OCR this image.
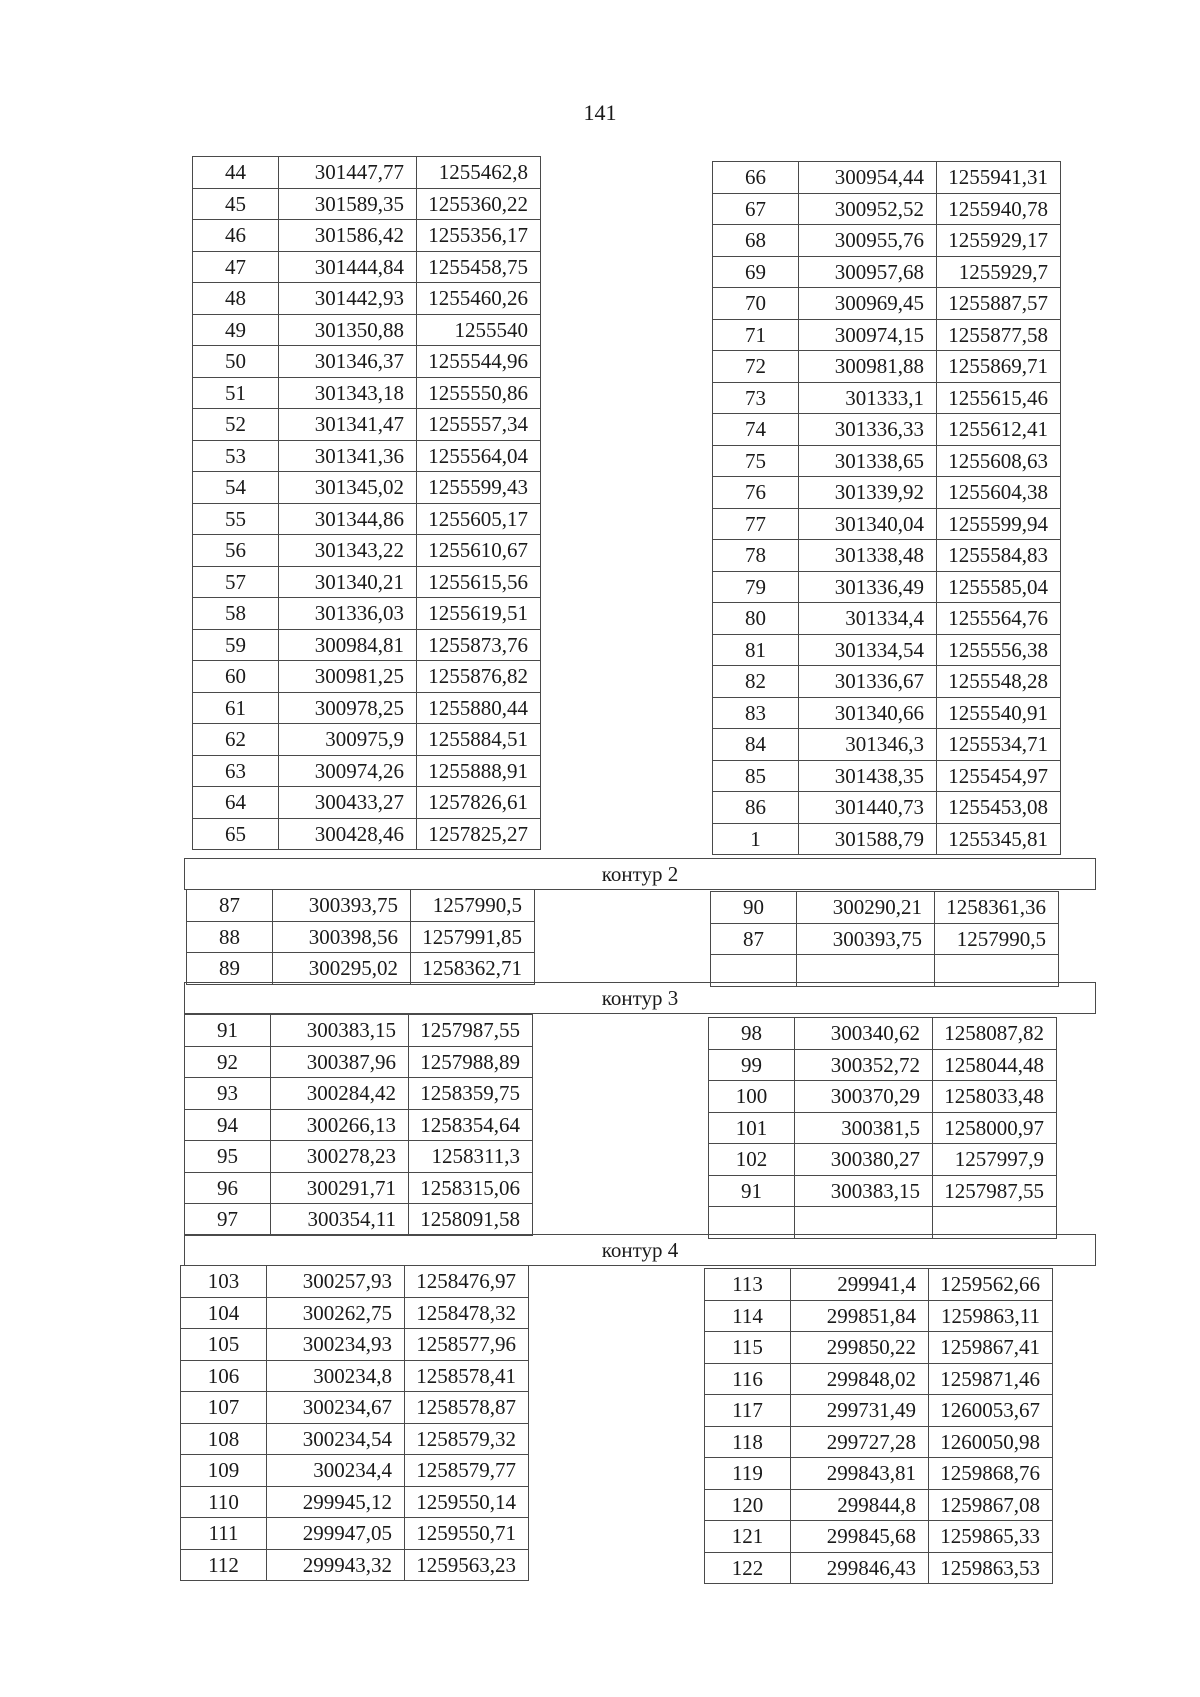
141
44	301447,77	1255462,8
45	301589,35	1255360,22
46	301586,42	1255356,17
47	301444,84	1255458,75
48	301442,93	1255460,26
49	301350,88	1255540
50	301346,37	1255544,96
51	301343,18	1255550,86
52	301341,47	1255557,34
53	301341,36	1255564,04
54	301345,02	1255599,43
55	301344,86	1255605,17
56	301343,22	1255610,67
57	301340,21	1255615,56
58	301336,03	1255619,51
59	300984,81	1255873,76
60	300981,25	1255876,82
61	300978,25	1255880,44
62	300975,9	1255884,51
63	300974,26	1255888,91
64	300433,27	1257826,61
65	300428,46	1257825,27
66	300954,44	1255941,31
67	300952,52	1255940,78
68	300955,76	1255929,17
69	300957,68	1255929,7
70	300969,45	1255887,57
71	300974,15	1255877,58
72	300981,88	1255869,71
73	301333,1	1255615,46
74	301336,33	1255612,41
75	301338,65	1255608,63
76	301339,92	1255604,38
77	301340,04	1255599,94
78	301338,48	1255584,83
79	301336,49	1255585,04
80	301334,4	1255564,76
81	301334,54	1255556,38
82	301336,67	1255548,28
83	301340,66	1255540,91
84	301346,3	1255534,71
85	301438,35	1255454,97
86	301440,73	1255453,08
1	301588,79	1255345,81
контур 2
87	300393,75	1257990,5
88	300398,56	1257991,85
89	300295,02	1258362,71
90	300290,21	1258361,36
87	300393,75	1257990,5

контур 3
91	300383,15	1257987,55
92	300387,96	1257988,89
93	300284,42	1258359,75
94	300266,13	1258354,64
95	300278,23	1258311,3
96	300291,71	1258315,06
97	300354,11	1258091,58
98	300340,62	1258087,82
99	300352,72	1258044,48
100	300370,29	1258033,48
101	300381,5	1258000,97
102	300380,27	1257997,9
91	300383,15	1257987,55

контур 4
103	300257,93	1258476,97
104	300262,75	1258478,32
105	300234,93	1258577,96
106	300234,8	1258578,41
107	300234,67	1258578,87
108	300234,54	1258579,32
109	300234,4	1258579,77
110	299945,12	1259550,14
111	299947,05	1259550,71
112	299943,32	1259563,23
113	299941,4	1259562,66
114	299851,84	1259863,11
115	299850,22	1259867,41
116	299848,02	1259871,46
117	299731,49	1260053,67
118	299727,28	1260050,98
119	299843,81	1259868,76
120	299844,8	1259867,08
121	299845,68	1259865,33
122	299846,43	1259863,53
